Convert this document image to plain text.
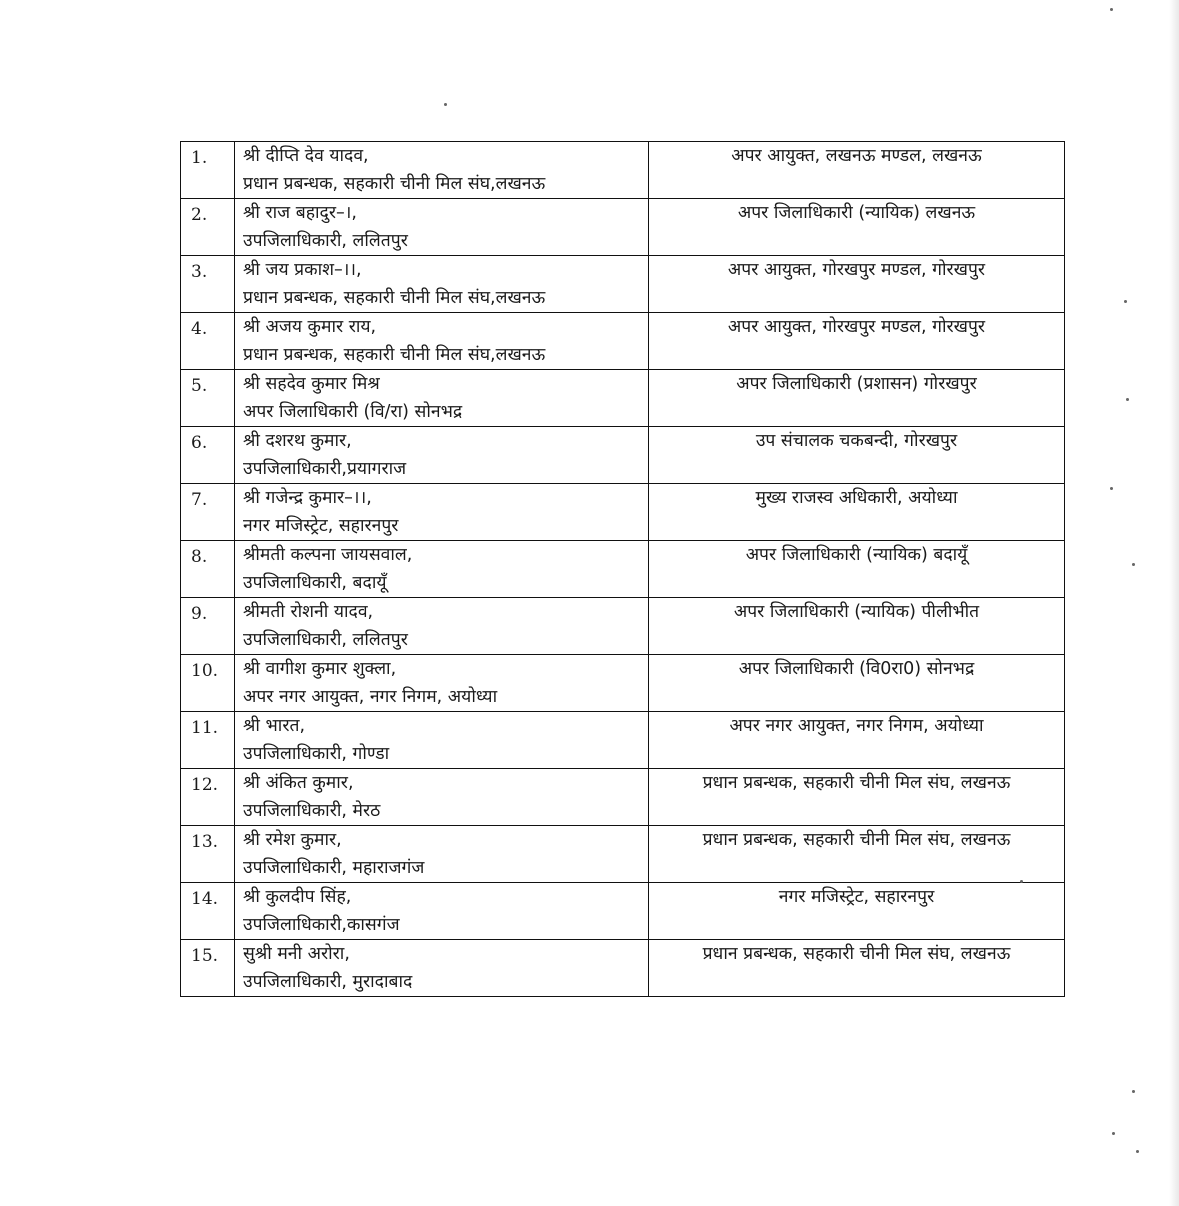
1.	श्री दीप्ति देव यादव,
प्रधान प्रबन्धक, सहकारी चीनी मिल संघ,लखनऊ	अपर आयुक्त, लखनऊ मण्डल, लखनऊ

2.	श्री राज बहादुर–।,
उपजिलाधिकारी, ललितपुर	अपर जिलाधिकारी (न्यायिक) लखनऊ

3.	श्री जय प्रकाश–।।,
प्रधान प्रबन्धक, सहकारी चीनी मिल संघ,लखनऊ	अपर आयुक्त, गोरखपुर मण्डल, गोरखपुर

4.	श्री अजय कुमार राय,
प्रधान प्रबन्धक, सहकारी चीनी मिल संघ,लखनऊ	अपर आयुक्त, गोरखपुर मण्डल, गोरखपुर

5.	श्री सहदेव कुमार मिश्र
अपर जिलाधिकारी (वि/रा) सोनभद्र	अपर जिलाधिकारी (प्रशासन) गोरखपुर

6.	श्री दशरथ कुमार,
उपजिलाधिकारी,प्रयागराज	उप संचालक चकबन्दी, गोरखपुर

7.	श्री गजेन्द्र कुमार–।।,
नगर मजिस्ट्रेट, सहारनपुर	मुख्य राजस्व अधिकारी, अयोध्या

8.	श्रीमती कल्पना जायसवाल,
उपजिलाधिकारी, बदायूँ	अपर जिलाधिकारी (न्यायिक) बदायूँ

9.	श्रीमती रोशनी यादव,
उपजिलाधिकारी, ललितपुर	अपर जिलाधिकारी (न्यायिक) पीलीभीत

10.	श्री वागीश कुमार शुक्ला,
अपर नगर आयुक्त, नगर निगम, अयोध्या	अपर जिलाधिकारी (वि0रा0) सोनभद्र

11.	श्री भारत,
उपजिलाधिकारी, गोण्डा	अपर नगर आयुक्त, नगर निगम, अयोध्या

12.	श्री अंकित कुमार,
उपजिलाधिकारी, मेरठ	प्रधान प्रबन्धक, सहकारी चीनी मिल संघ, लखनऊ

13.	श्री रमेश कुमार,
उपजिलाधिकारी, महाराजगंज	प्रधान प्रबन्धक, सहकारी चीनी मिल संघ, लखनऊ

14.	श्री कुलदीप सिंह,
उपजिलाधिकारी,कासगंज	नगर मजिस्ट्रेट, सहारनपुर

15.	सुश्री मनी अरोरा,
उपजिलाधिकारी, मुरादाबाद	प्रधान प्रबन्धक, सहकारी चीनी मिल संघ, लखनऊ
